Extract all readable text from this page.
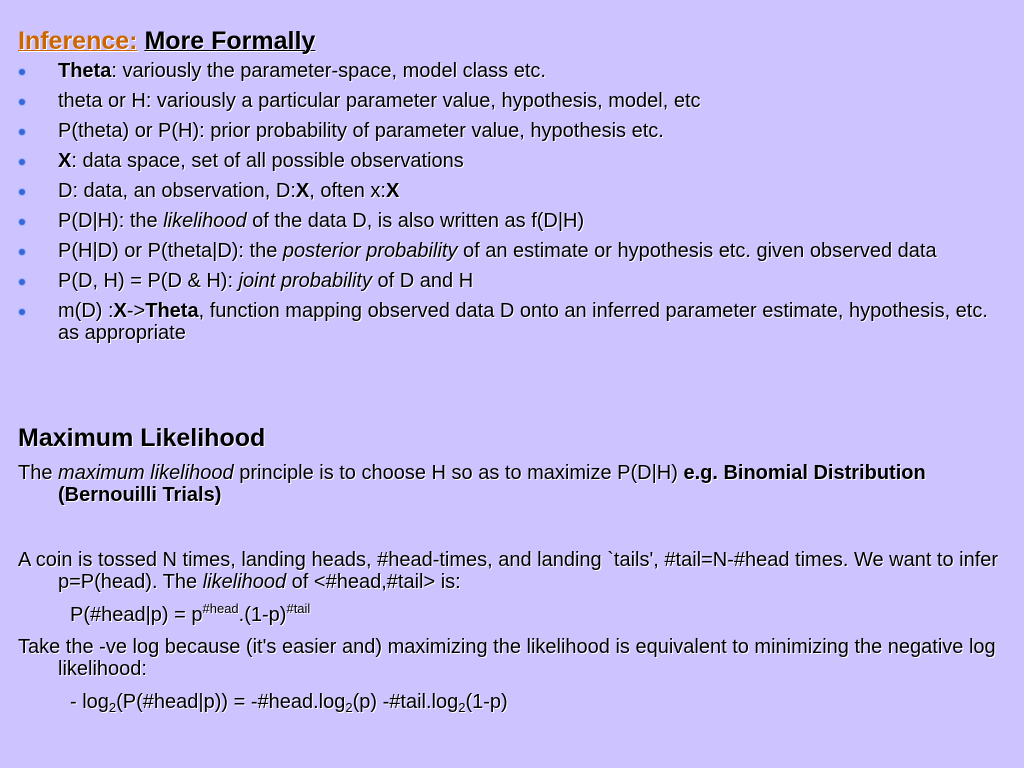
Inference: More Formally
Theta: variously the parameter-space, model class etc.
theta or H: variously a particular parameter value, hypothesis, model, etc
P(theta) or P(H): prior probability of parameter value, hypothesis etc.
X: data space, set of all possible observations
D: data, an observation, D:X, often x:X
P(D|H): the likelihood of the data D, is also written as f(D|H)
P(H|D) or P(theta|D): the posterior probability of an estimate or hypothesis etc. given observed data
P(D, H) = P(D & H): joint probability of D and H
m(D) :X->Theta, function mapping observed data D onto an inferred parameter estimate, hypothesis, etc. as appropriate
Maximum Likelihood
The maximum likelihood principle is to choose H so as to maximize P(D|H) e.g. Binomial Distribution (Bernouilli Trials)
A coin is tossed N times, landing heads, #head-times, and landing `tails', #tail=N-#head times. We want to infer p=P(head). The likelihood of <#head,#tail> is:
P(#head|p) = $p^{\#head}.(1-p)^{\#tail}$
Take the -ve log because (it's easier and) maximizing the likelihood is equivalent to minimizing the negative log likelihood:
- $\log_2(P(\#head|p))$ = $-\#head.\log_2(p)$ $-\#tail.\log_2(1-p)$
